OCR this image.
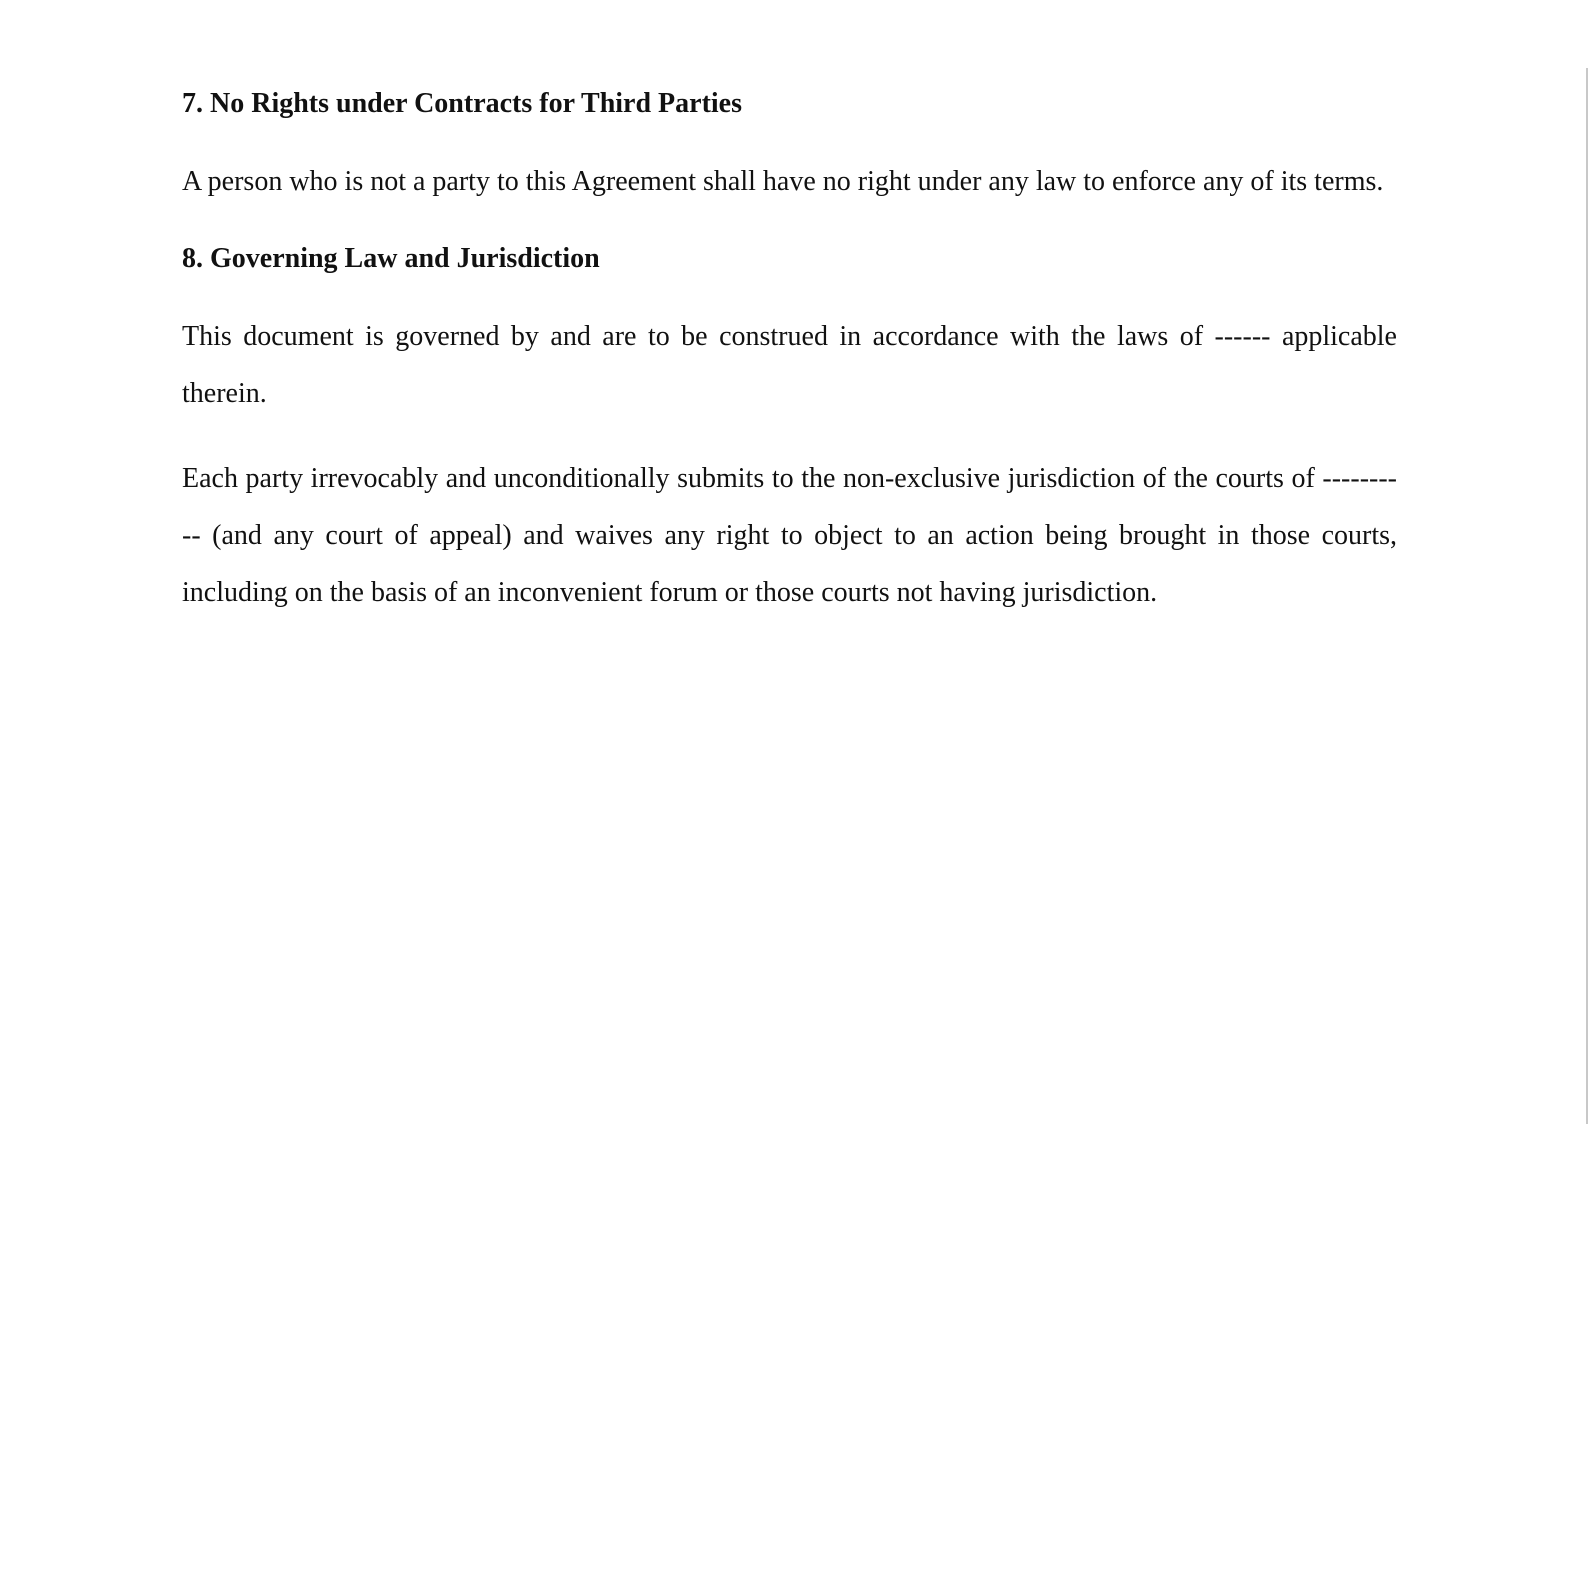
7. No Rights under Contracts for Third Parties

A person who is not a party to this Agreement shall have no right under any law to enforce any of its terms.

8. Governing Law and Jurisdiction

This document is governed by and are to be construed in accordance with the laws of ------ applicable therein.

Each party irrevocably and unconditionally submits to the non-exclusive jurisdiction of the courts of ---------- (and any court of appeal) and waives any right to object to an action being brought in those courts, including on the basis of an inconvenient forum or those courts not having jurisdiction.
